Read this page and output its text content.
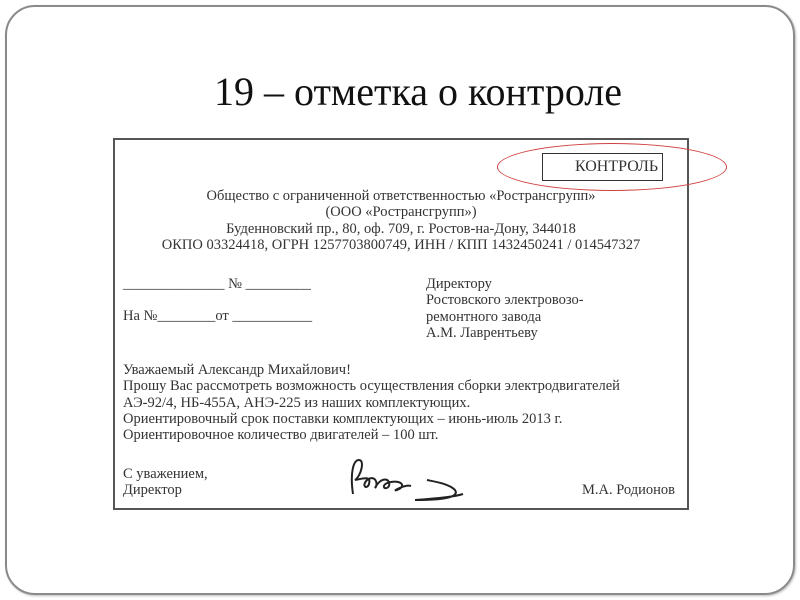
19 – отметка о контроле
КОНТРОЛЬ
Общество с ограниченной ответственностью «Ространсгрупп»
(ООО «Ространсгрупп»)
Буденновский пр., 80, оф. 709, г. Ростов-на-Дону, 344018
ОКПО 03324418, ОГРН 1257703800749, ИНН / КПП 1432450241 / 014547327
______________ № _________
На №________от ___________
Директору
Ростовского электровозо-
ремонтного завода
А.М. Лаврентьеву
Уважаемый Александр Михайлович!
Прошу Вас рассмотреть возможность осуществления сборки электродвигателей
АЭ-92/4, НБ-455А, АНЭ-225 из наших комплектующих.
Ориентировочный срок поставки комплектующих – июнь-июль 2013 г.
Ориентировочное количество двигателей – 100 шт.
С уважением,
Директор	М.А. Родионов
